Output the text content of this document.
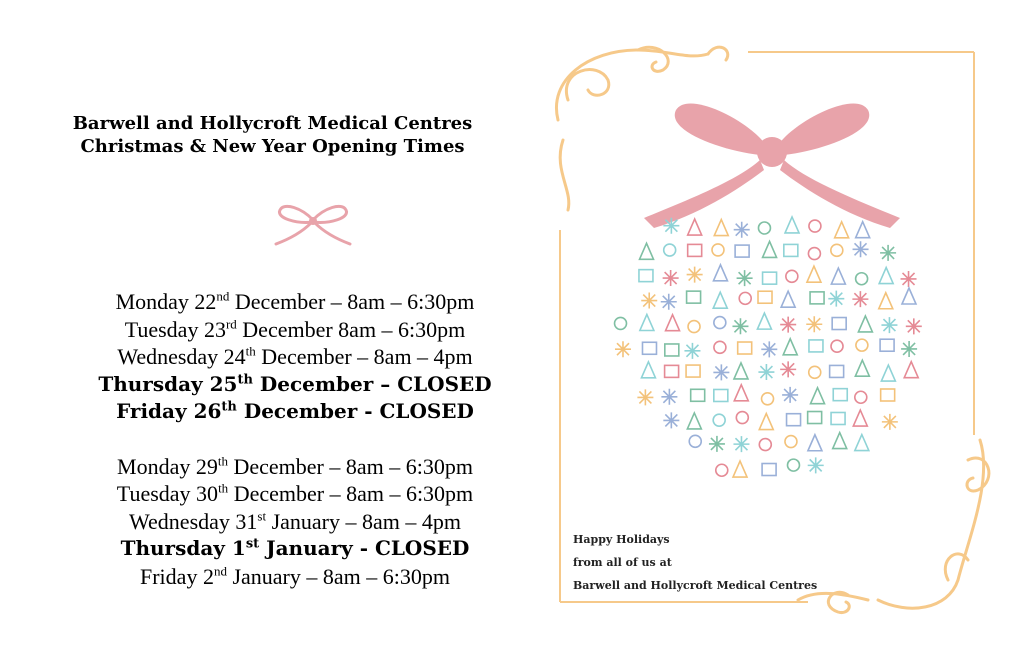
Barwell and Hollycroft Medical Centres
Christmas & New Year Opening Times
Monday 22nd December – 8am – 6:30pm
Tuesday 23rd December 8am – 6:30pm
Wednesday 24th December – 8am – 4pm
Thursday 25th December – CLOSED
Friday 26th December - CLOSED
Monday 29th December – 8am – 6:30pm
Tuesday 30th December – 8am – 6:30pm
Wednesday 31st January – 8am – 4pm
Thursday 1st January - CLOSED
Friday 2nd January – 8am – 6:30pm
Happy Holidays
from all of us at
Barwell and Hollycroft Medical Centres
